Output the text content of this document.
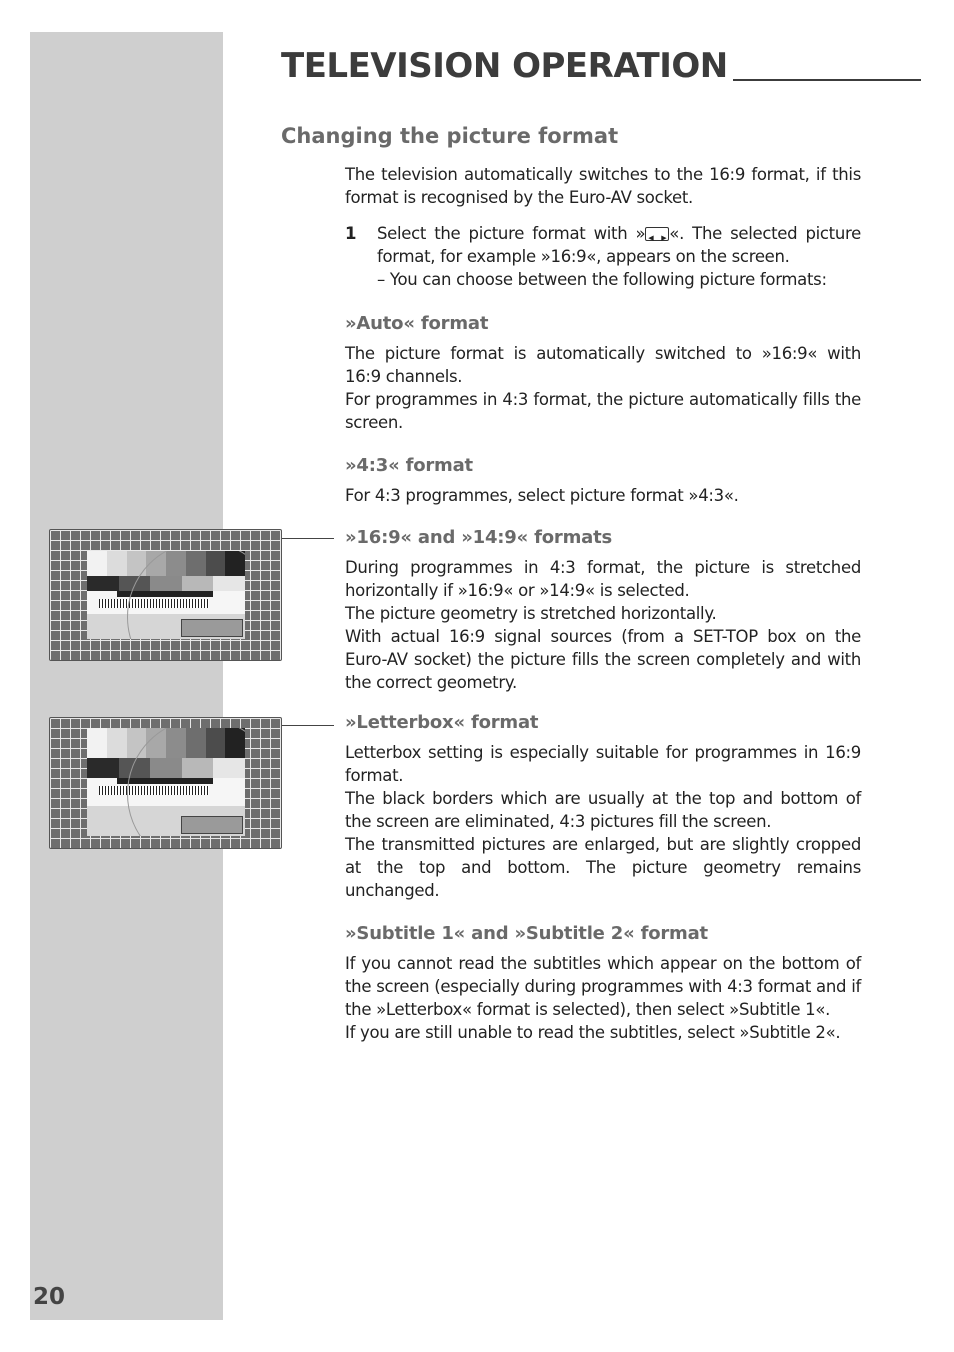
20
TELEVISION OPERATION
Changing the picture format

The television automatically switches to the 16:9 format, if this format is recognised by the Euro-AV socket.

1	Select the picture format with »◀ ▶ «. The selected picture format, for example »16:9«, appears on the screen.

– You can choose between the following picture formats:

»Auto« format

The picture format is automatically switched to »16:9« with 16:9 channels.

For programmes in 4:3 format, the picture automatically fills the screen.

»4:3« format

For 4:3 programmes, select picture format »4:3«.

»16:9« and »14:9« formats

During programmes in 4:3 format, the picture is stretched horizontally if »16:9« or »14:9« is selected.

The picture geometry is stretched horizontally.

With actual 16:9 signal sources (from a SET-TOP box on the Euro-AV socket) the picture fills the screen completely and with the correct geometry.

»Letterbox« format

Letterbox setting is especially suitable for programmes in 16:9 format.

The black borders which are usually at the top and bottom of the screen are eliminated, 4:3 pictures fill the screen.

The transmitted pictures are enlarged, but are slightly cropped at the top and bottom. The picture geometry remains unchanged.

»Subtitle 1« and »Subtitle 2« format

If you cannot read the subtitles which appear on the bottom of the screen (especially during programmes with 4:3 format and if the »Letterbox« format is selected), then select »Subtitle 1«.

If you are still unable to read the subtitles, select »Subtitle 2«.
